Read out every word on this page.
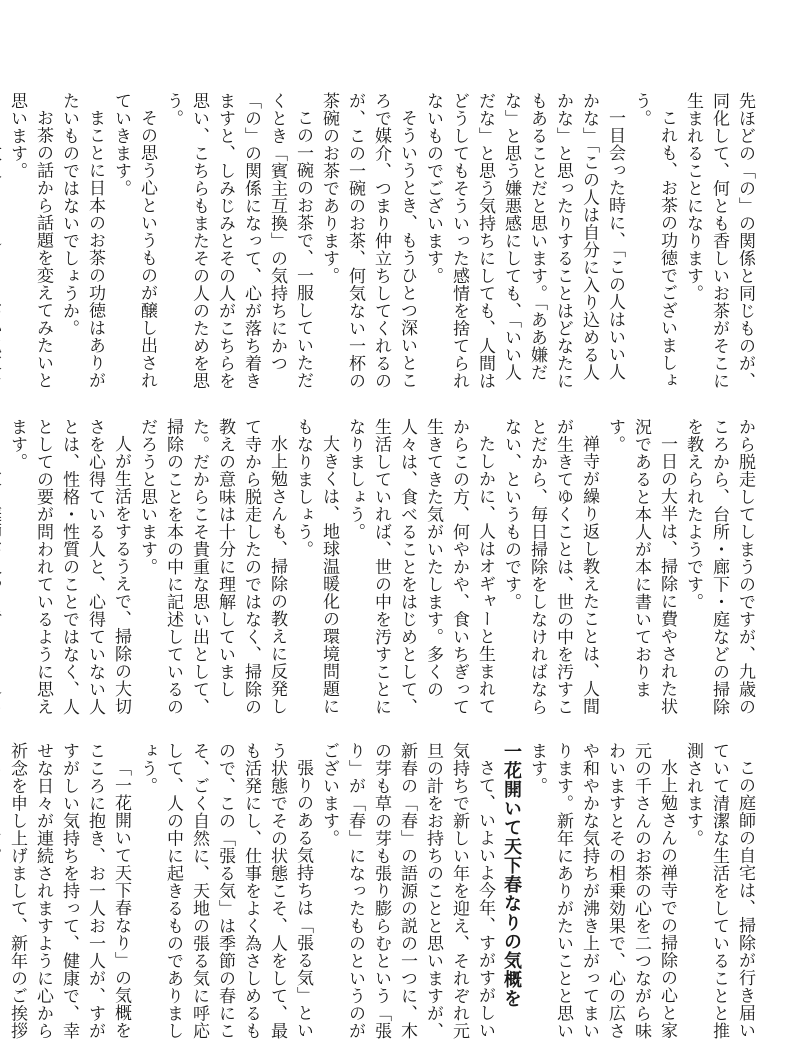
先ほどの「の」の関係と同じものが、同化して、何とも香しいお茶がそこに生まれることになります。

これも、お茶の功徳でございましょう。

一目会った時に、「この人はいい人かな」「この人は自分に入り込める人かな」と思ったりすることはどなたにもあることだと思います。「ああ嫌だな」と思う嫌悪感にしても、「いい人だな」と思う気持ちにしても、人間はどうしてもそういった感情を捨てられないものでございます。

そういうとき、もうひとつ深いところで媒介、つまり仲立ちしてくれるのが、この一碗のお茶、何気ない一杯の茶碗のお茶であります。

この一碗のお茶で、一服していただくとき「賓主互換」の気持ちにかつ「の」の関係になって、心が落ち着きますと、しみじみとその人がこちらを思い、こちらもまたその人のためを思う。

その思う心というものが醸し出されていきます。

まことに日本のお茶の功徳はありがたいものではないでしょうか。

お茶の話から話題を変えてみたいと思います。

から脱走してしまうのですが、九歳のころから、台所・廊下・庭などの掃除を教えられたようです。

一日の大半は、掃除に費やされた状況であると本人が本に書いております。

禅寺が繰り返し教えたことは、人間が生きてゆくことは、世の中を汚すことだから、毎日掃除をしなければならない、というものです。

たしかに、人はオギャーと生まれてからこの方、何やかや、食いちぎって生きてきた気がいたします。多くの人々は、食べることをはじめとして、生活していれば、世の中を汚すことになりましょう。

大きくは、地球温暖化の環境問題にもなりましょう。

水上勉さんも、掃除の教えに反発して寺から脱走したのではなく、掃除の教えの意味は十分に理解していました。だからこそ貴重な思い出として、掃除のことを本の中に記述しているのだろうと思います。

人が生活をするうえで、掃除の大切さを心得ている人と、心得ていない人とは、性格・性質のことではなく、人としての要が問われているように思えます。

この庭師の自宅は、掃除が行き届いていて清潔な生活をしていることと推測されます。

水上勉さんの禅寺での掃除の心と家元の千さんのお茶の心を二つながら味わいますとその相乗効果で、心の広さや和やかな気持ちが沸き上がってまいります。新年にありがたいことと思います。

一花開いて天下春なりの気概を

さて、いよいよ今年、すがすがしい気持ちで新しい年を迎え、それぞれ元旦の計をお持ちのことと思いますが、新春の「春」の語源の説の一つに、木の芽も草の芽も張り膨らむという「張り」が「春」になったものというのがございます。

張りのある気持ちは「張る気」という状態でその状態こそ、人をして、最も活発にし、仕事をよく為さしめるもので、この「張る気」は季節の春にこそ、ごく自然に、天地の張る気に呼応して、人の中に起きるものでありましょう。

「一花開いて天下春なり」の気概をこころに抱き、お一人お一人が、すがすがしい気持ちを持って、健康で、幸せな日々が連続されますように心から祈念を申し上げまして、新年のご挨拶
